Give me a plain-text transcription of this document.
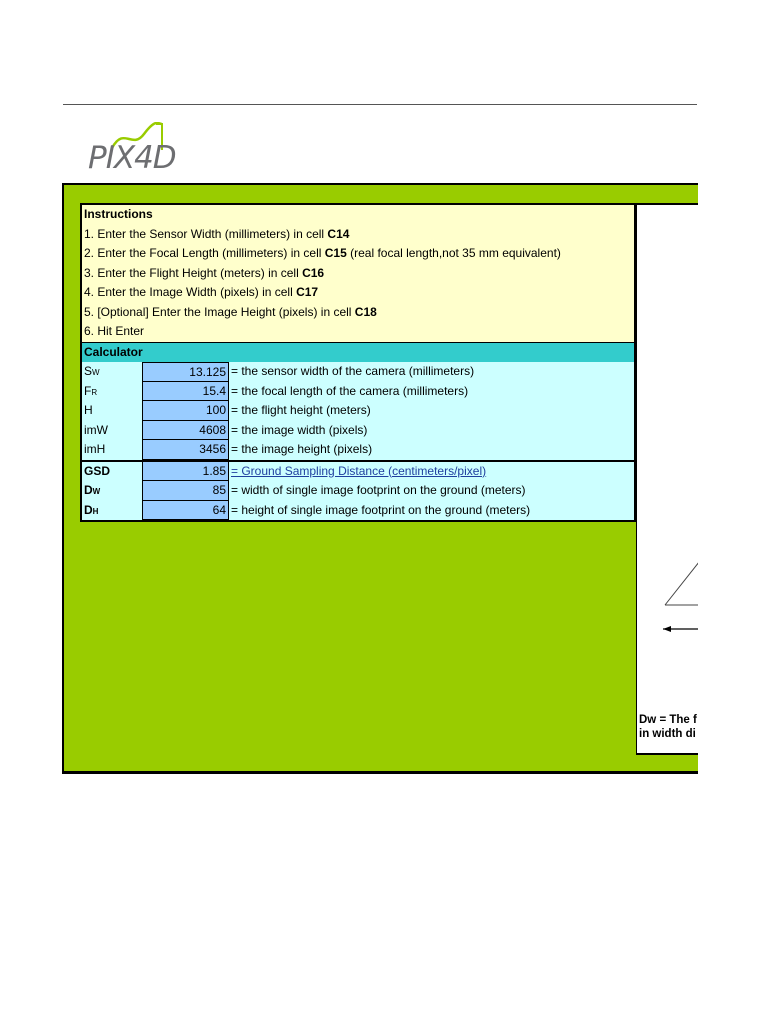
PIX4D
Instructions
1. Enter the Sensor Width (millimeters) in cell C14
2. Enter the Focal Length (millimeters) in cell C15 (real focal length,not 35 mm equivalent)
3. Enter the Flight Height (meters) in cell C16
4. Enter the Image Width (pixels) in cell C17
5. [Optional] Enter the Image Height (pixels) in cell C18
6. Hit Enter
Calculator
SW	13.125 = the sensor width of the camera (millimeters)
FR	15.4 = the focal length of the camera (millimeters)
H	100 = the flight height (meters)
imW	4608 = the image width (pixels)
imH	3456 = the image height (pixels)
GSD	1.85 = Ground Sampling Distance (centimeters/pixel)
DW	85 = width of single image footprint on the ground (meters)
DH	64 = height of single image footprint on the ground (meters)
Dw = The f
in width di
